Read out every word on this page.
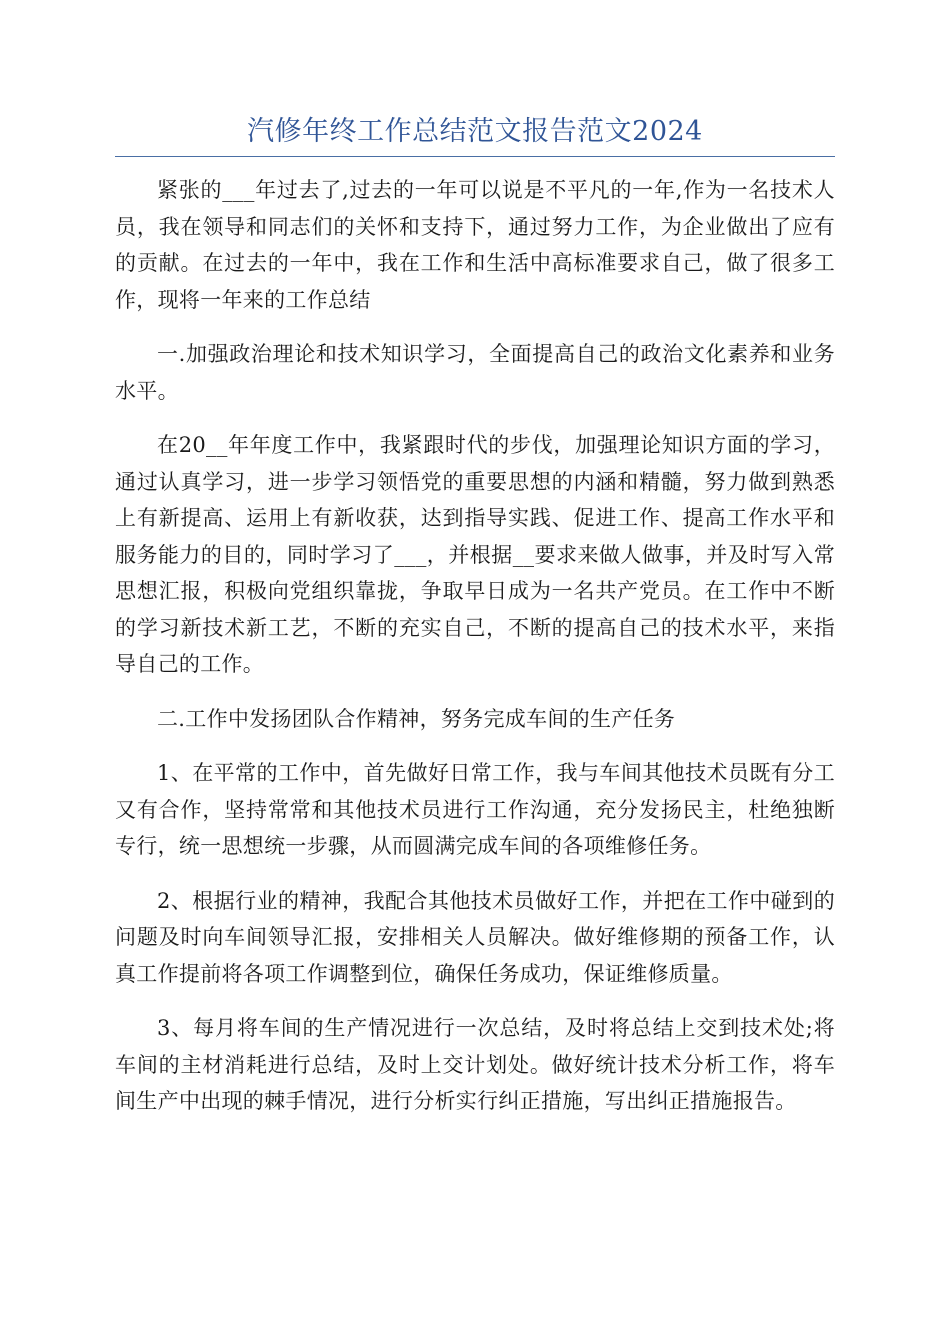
汽修年终工作总结范文报告范文2024

紧张的___年过去了,过去的一年可以说是不平凡的一年,作为一名技术人员，我在领导和同志们的关怀和支持下，通过努力工作，为企业做出了应有的贡献。在过去的一年中，我在工作和生活中高标准要求自己，做了很多工作，现将一年来的工作总结

一.加强政治理论和技术知识学习，全面提高自己的政治文化素养和业务水平。

在20__年年度工作中，我紧跟时代的步伐，加强理论知识方面的学习，通过认真学习，进一步学习领悟党的重要思想的内涵和精髓，努力做到熟悉上有新提高、运用上有新收获，达到指导实践、促进工作、提高工作水平和服务能力的目的，同时学习了___，并根据__要求来做人做事，并及时写入常思想汇报，积极向党组织靠拢，争取早日成为一名共产党员。在工作中不断的学习新技术新工艺，不断的充实自己，不断的提高自己的技术水平，来指导自己的工作。

二.工作中发扬团队合作精神，努务完成车间的生产任务

1、在平常的工作中，首先做好日常工作，我与车间其他技术员既有分工又有合作，坚持常常和其他技术员进行工作沟通，充分发扬民主，杜绝独断专行，统一思想统一步骤，从而圆满完成车间的各项维修任务。

2、根据行业的精神，我配合其他技术员做好工作，并把在工作中碰到的问题及时向车间领导汇报，安排相关人员解决。做好维修期的预备工作，认真工作提前将各项工作调整到位，确保任务成功，保证维修质量。

3、每月将车间的生产情况进行一次总结，及时将总结上交到技术处;将车间的主材消耗进行总结，及时上交计划处。做好统计技术分析工作，将车间生产中出现的棘手情况，进行分析实行纠正措施，写出纠正措施报告。
